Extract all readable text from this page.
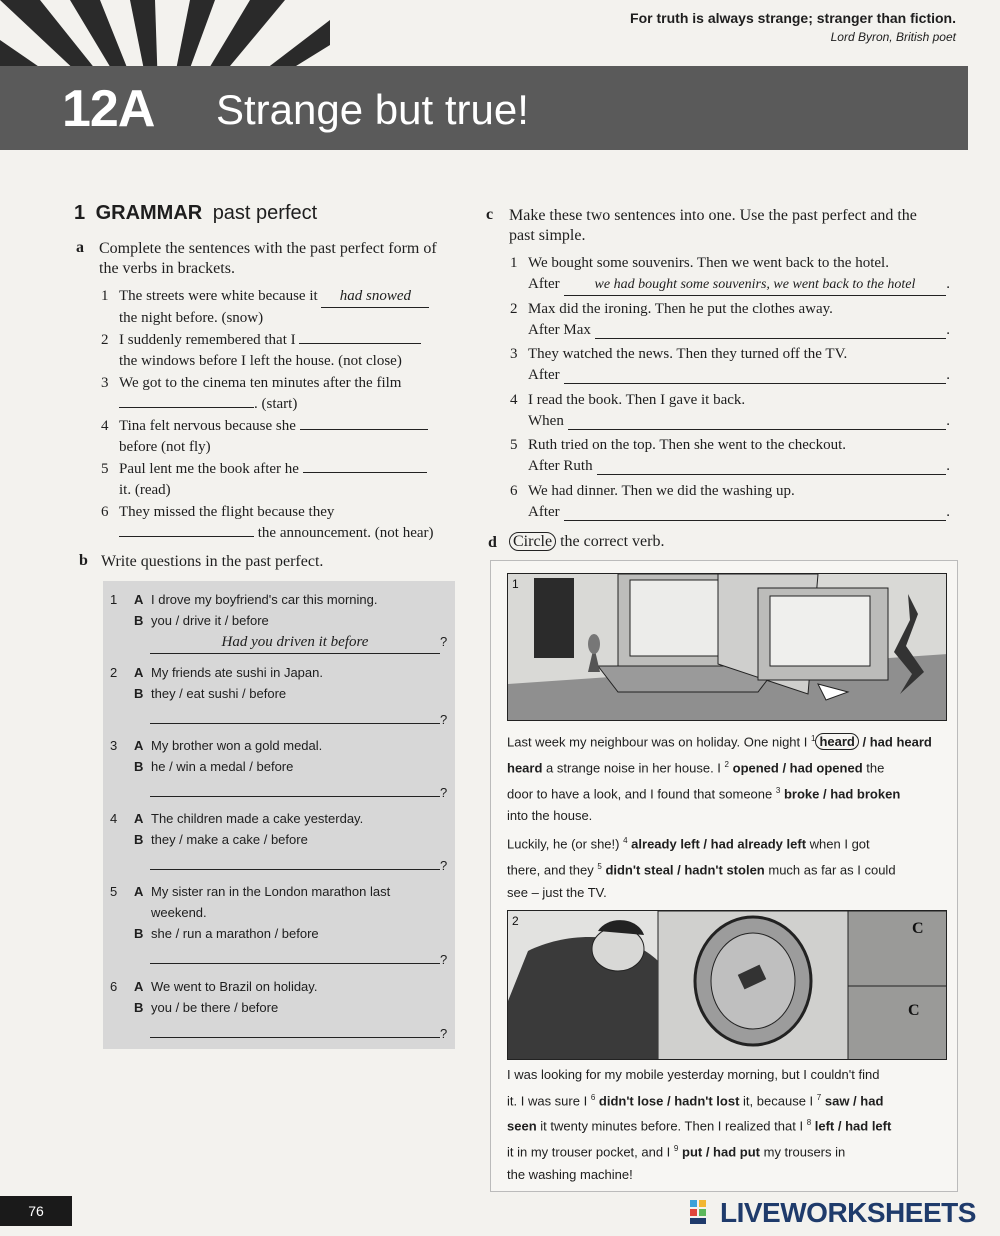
For truth is always strange; stranger than fiction.
Lord Byron, British poet
12A Strange but true!
1 GRAMMAR past perfect
a Complete the sentences with the past perfect form of the verbs in brackets.
1 The streets were white because it had snowed
the night before. (snow)
2 I suddenly remembered that I
the windows before I left the house. (not close)
3 We got to the cinema ten minutes after the film
. (start)
4 Tina felt nervous because she
before (not fly)
5 Paul lent me the book after he
it. (read)
6 They missed the flight because they
the announcement. (not hear)
b Write questions in the past perfect.
1	A I drove my boyfriend's car this morning.
B you / drive it / before
Had you driven it before	?
2	A My friends ate sushi in Japan.
B they / eat sushi / before
?
3	A My brother won a gold medal.
B he / win a medal / before
?
4	A The children made a cake yesterday.
B they / make a cake / before
?
5	A My sister ran in the London marathon last
weekend.
B she / run a marathon / before
?
6	A We went to Brazil on holiday.
B you / be there / before
?
c Make these two sentences into one. Use the past perfect and the past simple.
1 We bought some souvenirs. Then we went back to the hotel.
After	we had bought some souvenirs, we went back to the hotel	.
2 Max did the ironing. Then he put the clothes away.
After Max	.
3 They watched the news. Then they turned off the TV.
After	.
4 I read the book. Then I gave it back.
When	.
5 Ruth tried on the top. Then she went to the checkout.
After Ruth	.
6 We had dinner. Then we did the washing up.
After	.
d Circle the correct verb.
1
Last week my neighbour was on holiday. One night I $^1$ heard / had heard
heard a strange noise in her house. I $^2$ opened / had opened the
door to have a look, and I found that someone $^3$ broke / had broken
into the house.
Luckily, he (or she!) $^4$ already left / had already left when I got
there, and they $^5$ didn't steal / hadn't stolen much as far as I could
see – just the TV.
2	C
C
I was looking for my mobile yesterday morning, but I couldn't find
it. I was sure I $^6$ didn't lose / hadn't lost it, because I $^7$ saw / had
seen it twenty minutes before. Then I realized that I $^8$ left / had left
it in my trouser pocket, and I $^9$ put / had put my trousers in
the washing machine!
76	LIVEWORKSHEETS
